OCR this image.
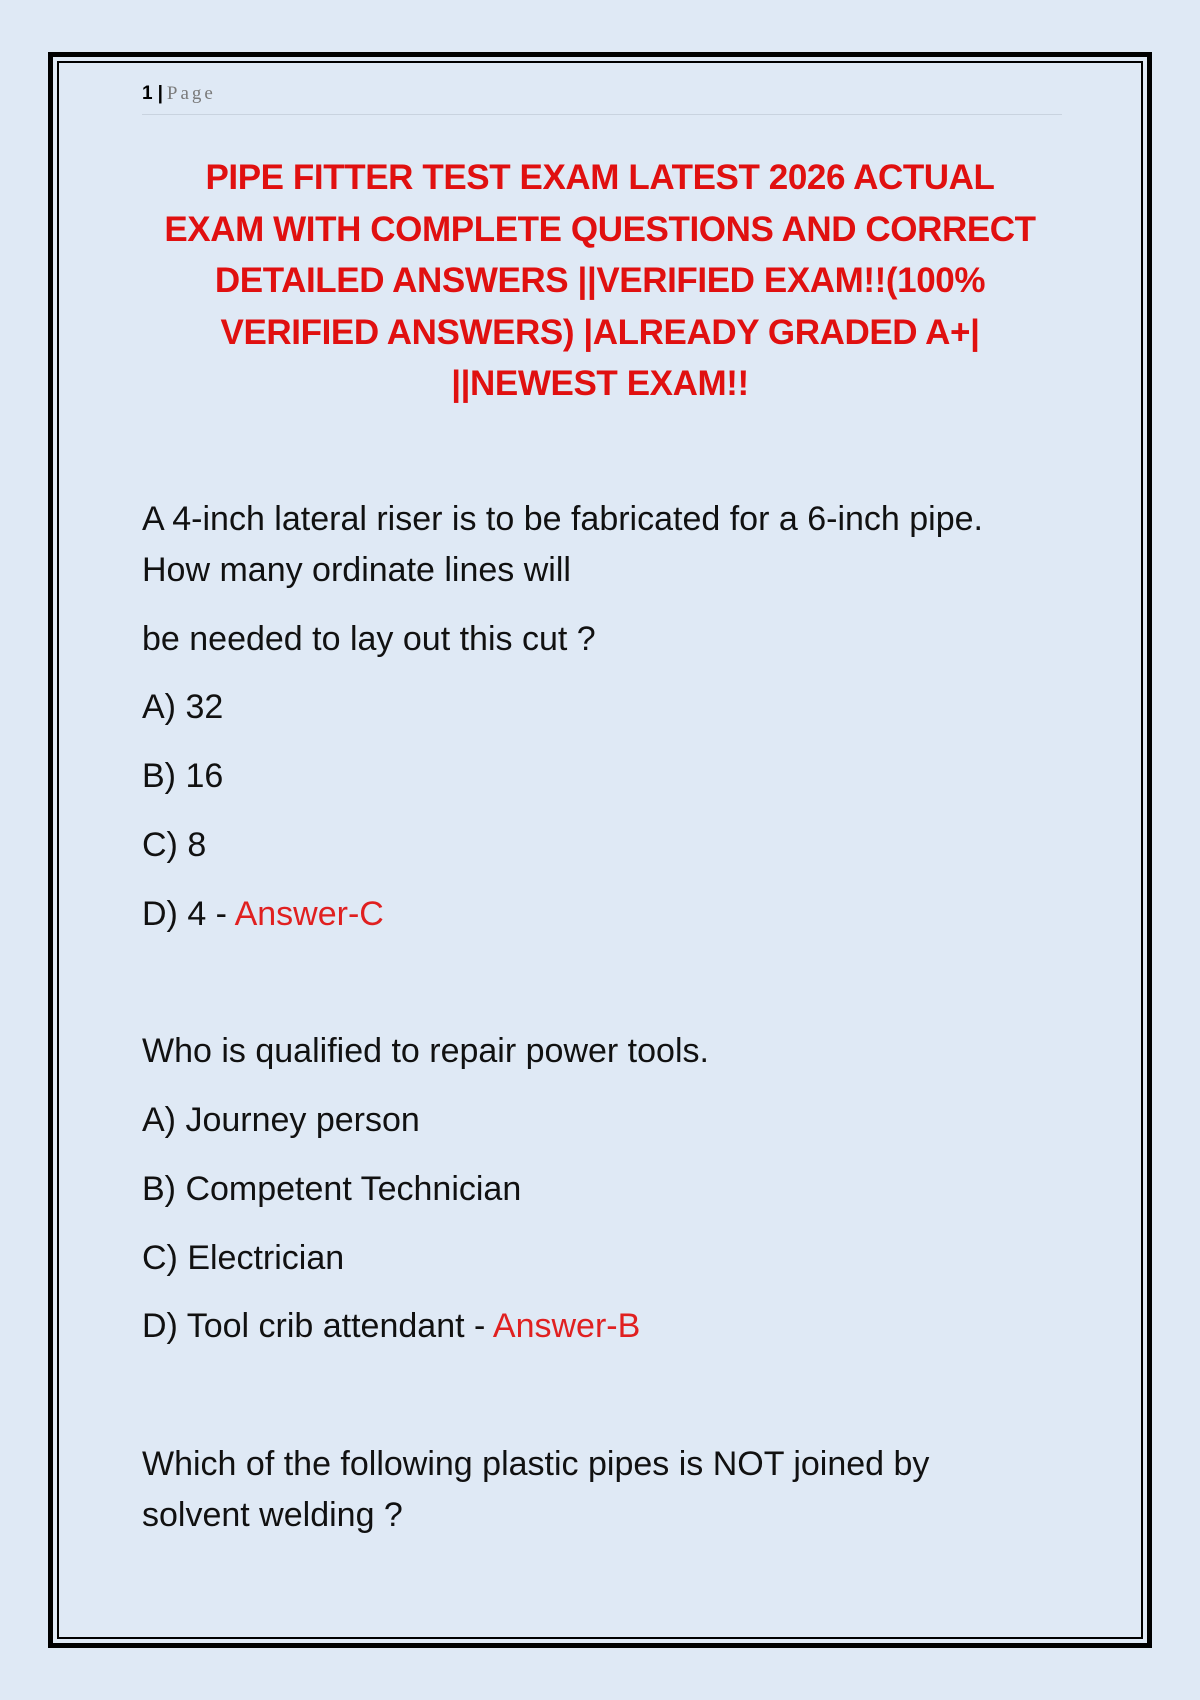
1 | Page
PIPE FITTER TEST EXAM LATEST 2026 ACTUAL
EXAM WITH COMPLETE QUESTIONS AND CORRECT
DETAILED ANSWERS ||VERIFIED EXAM!!(100%
VERIFIED ANSWERS) |ALREADY GRADED A+|
||NEWEST EXAM!!

A 4-inch lateral riser is to be fabricated for a 6-inch pipe.
How many ordinate lines will

be needed to lay out this cut ?

A) 32

B) 16

C) 8

D) 4 - Answer-C

Who is qualified to repair power tools.

A) Journey person

B) Competent Technician

C) Electrician

D) Tool crib attendant - Answer-B

Which of the following plastic pipes is NOT joined by
solvent welding ?
